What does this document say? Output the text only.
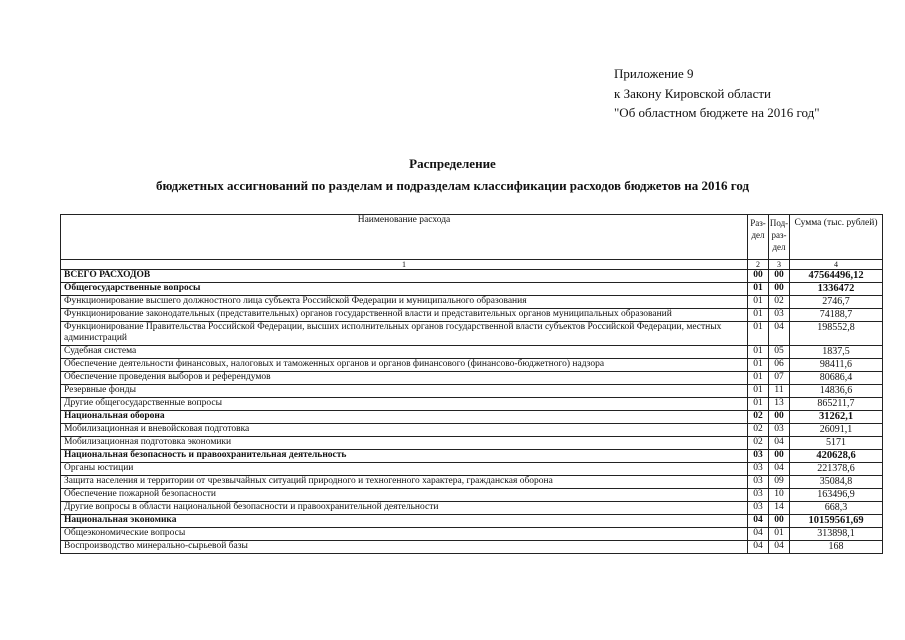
Приложение 9
к Закону Кировской области
"Об областном бюджете на 2016 год"
Распределение
бюджетных ассигнований по разделам и подразделам классификации расходов бюджетов на 2016 год
Наименование расхода	Раз-дел	Под-раз-дел	Сумма (тыс. рублей)
1	2	3	4
ВСЕГО РАСХОДОВ	00	00	47564496,12
Общегосударственные вопросы	01	00	1336472
Функционирование высшего должностного лица субъекта Российской Федерации и муниципального образования	01	02	2746,7
Функционирование законодательных (представительных) органов государственной власти и представительных органов муниципальных образований	01	03	74188,7
Функционирование Правительства Российской Федерации, высших исполнительных органов государственной власти субъектов Российской Федерации, местных администраций	01	04	198552,8
Судебная система	01	05	1837,5
Обеспечение деятельности финансовых, налоговых и таможенных органов и органов финансового (финансово-бюджетного) надзора	01	06	98411,6
Обеспечение проведения выборов и референдумов	01	07	80686,4
Резервные фонды	01	11	14836,6
Другие общегосударственные вопросы	01	13	865211,7
Национальная оборона	02	00	31262,1
Мобилизационная и вневойсковая подготовка	02	03	26091,1
Мобилизационная подготовка экономики	02	04	5171
Национальная безопасность и правоохранительная деятельность	03	00	420628,6
Органы юстиции	03	04	221378,6
Защита населения и территории от чрезвычайных ситуаций природного и техногенного характера, гражданская оборона	03	09	35084,8
Обеспечение пожарной безопасности	03	10	163496,9
Другие вопросы в области национальной безопасности и правоохранительной деятельности	03	14	668,3
Национальная экономика	04	00	10159561,69
Общеэкономические вопросы	04	01	313898,1
Воспроизводство минерально-сырьевой базы	04	04	168
